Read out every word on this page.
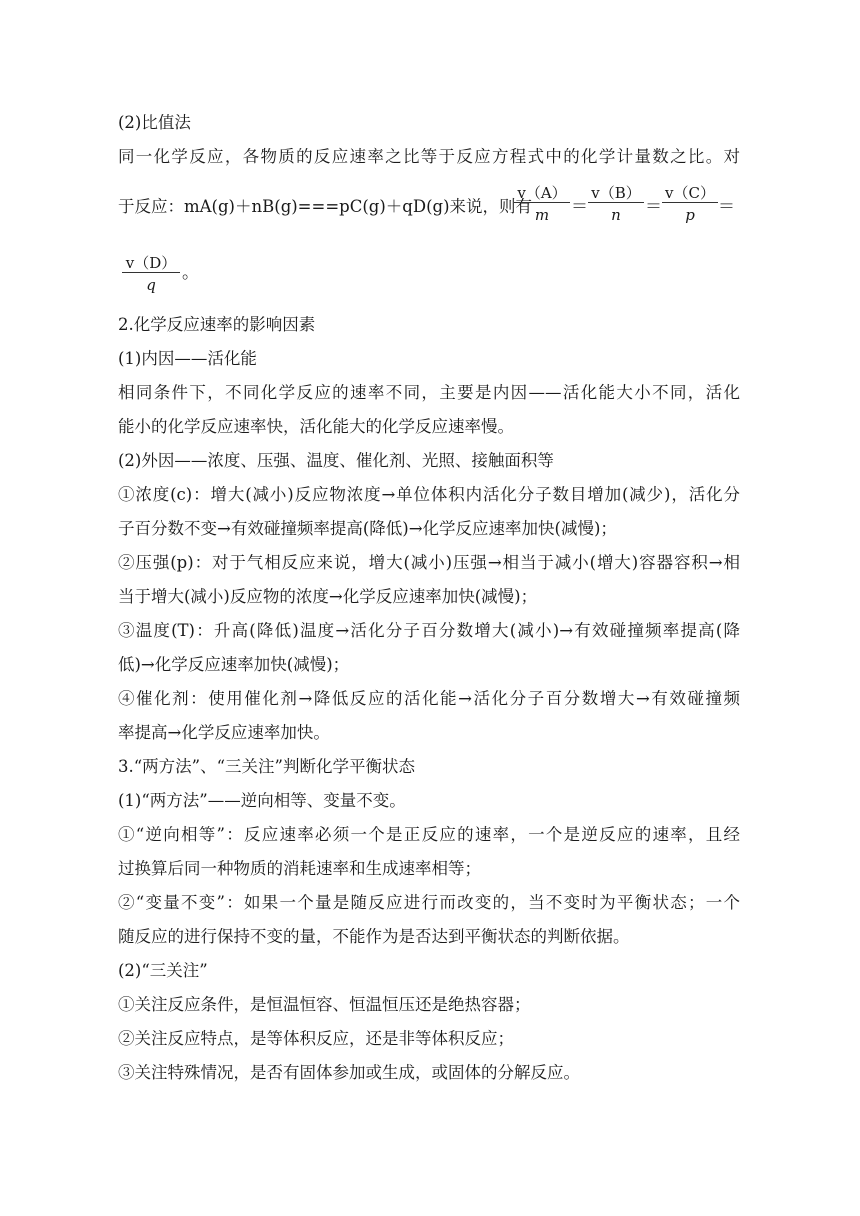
(2)比值法
同一化学反应，各物质的反应速率之比等于反应方程式中的化学计量数之比。对
于反应：mA(g)＋nB(g)===pC(g)＋qD(g)来说，则有
$\frac{v(A)}{m} = \frac{v(B)}{n} = \frac{v(C)}{p}$ ＝
$\frac{v(D)}{q}$ 。
2.化学反应速率的影响因素
(1)内因——活化能
相同条件下，不同化学反应的速率不同，主要是内因——活化能大小不同，活化
能小的化学反应速率快，活化能大的化学反应速率慢。
(2)外因——浓度、压强、温度、催化剂、光照、接触面积等
①浓度(c)：增大(减小)反应物浓度→单位体积内活化分子数目增加(减少)，活化分
子百分数不变→有效碰撞频率提高(降低)→化学反应速率加快(减慢)；
②压强(p)：对于气相反应来说，增大(减小)压强→相当于减小(增大)容器容积→相
当于增大(减小)反应物的浓度→化学反应速率加快(减慢)；
③温度(T)：升高(降低)温度→活化分子百分数增大(减小)→有效碰撞频率提高(降
低)→化学反应速率加快(减慢)；
④催化剂：使用催化剂→降低反应的活化能→活化分子百分数增大→有效碰撞频
率提高→化学反应速率加快。
3.“两方法”、“三关注”判断化学平衡状态
(1)“两方法”——逆向相等、变量不变。
①“逆向相等”：反应速率必须一个是正反应的速率，一个是逆反应的速率，且经
过换算后同一种物质的消耗速率和生成速率相等；
②“变量不变”：如果一个量是随反应进行而改变的，当不变时为平衡状态；一个
随反应的进行保持不变的量，不能作为是否达到平衡状态的判断依据。
(2)“三关注”
①关注反应条件，是恒温恒容、恒温恒压还是绝热容器；
②关注反应特点，是等体积反应，还是非等体积反应；
③关注特殊情况，是否有固体参加或生成，或固体的分解反应。
